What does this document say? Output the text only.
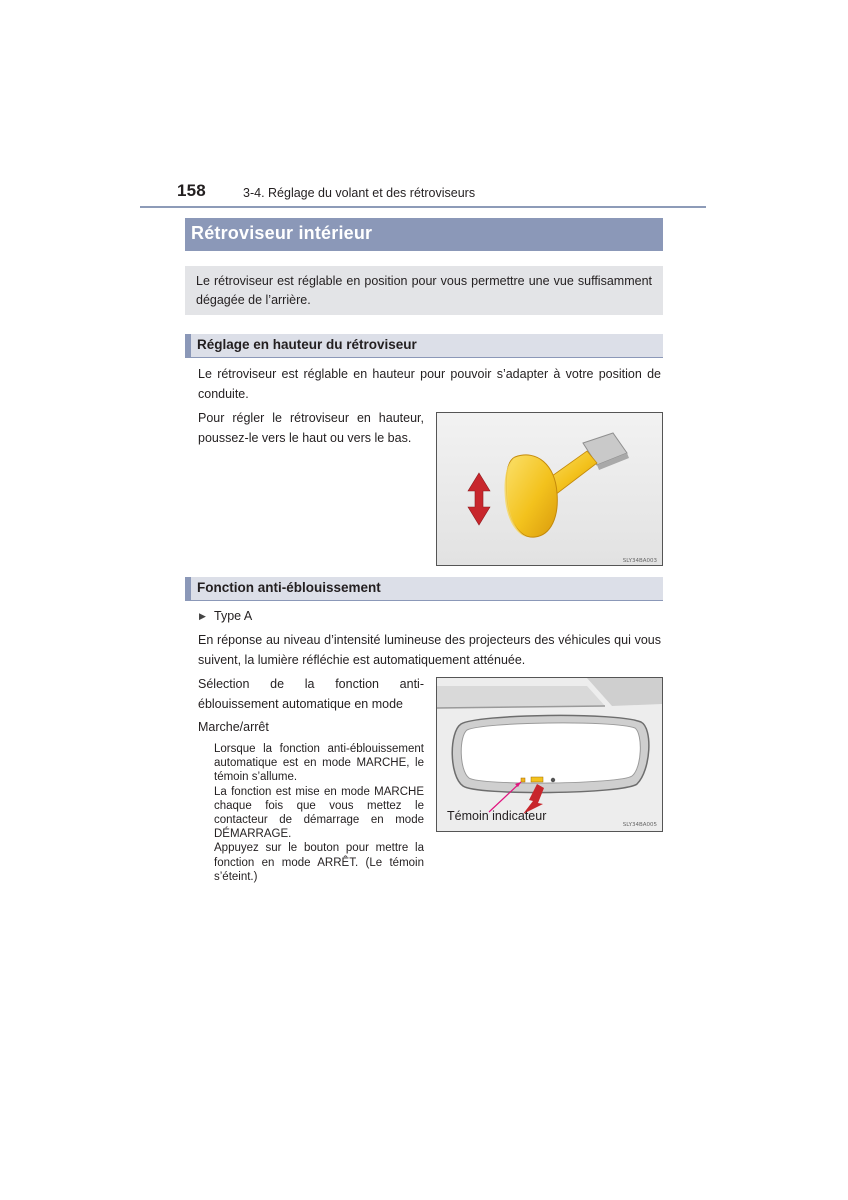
158	3-4. Réglage du volant et des rétroviseurs
Rétroviseur intérieur
Le rétroviseur est réglable en position pour vous permettre une vue suffisamment dégagée de l’arrière.
Réglage en hauteur du rétroviseur
Le rétroviseur est réglable en hauteur pour pouvoir s’adapter à votre position de conduite.
Pour régler le rétroviseur en hauteur, poussez-le vers le haut ou vers le bas.
SLY34BA003
Fonction anti-éblouissement
▶ Type A
En réponse au niveau d’intensité lumineuse des projecteurs des véhicules qui vous suivent, la lumière réfléchie est automatiquement atténuée.
Sélection de la fonction anti-éblouissement automatique en mode
Marche/arrêt
Lorsque la fonction anti-éblouissement automatique est en mode MARCHE, le témoin s’allume.
La fonction est mise en mode MARCHE chaque fois que vous mettez le contacteur de démarrage en mode DÉMARRAGE.
Appuyez sur le bouton pour mettre la fonction en mode ARRÊT. (Le témoin s’éteint.)
Témoin indicateur
SLY34BA005
